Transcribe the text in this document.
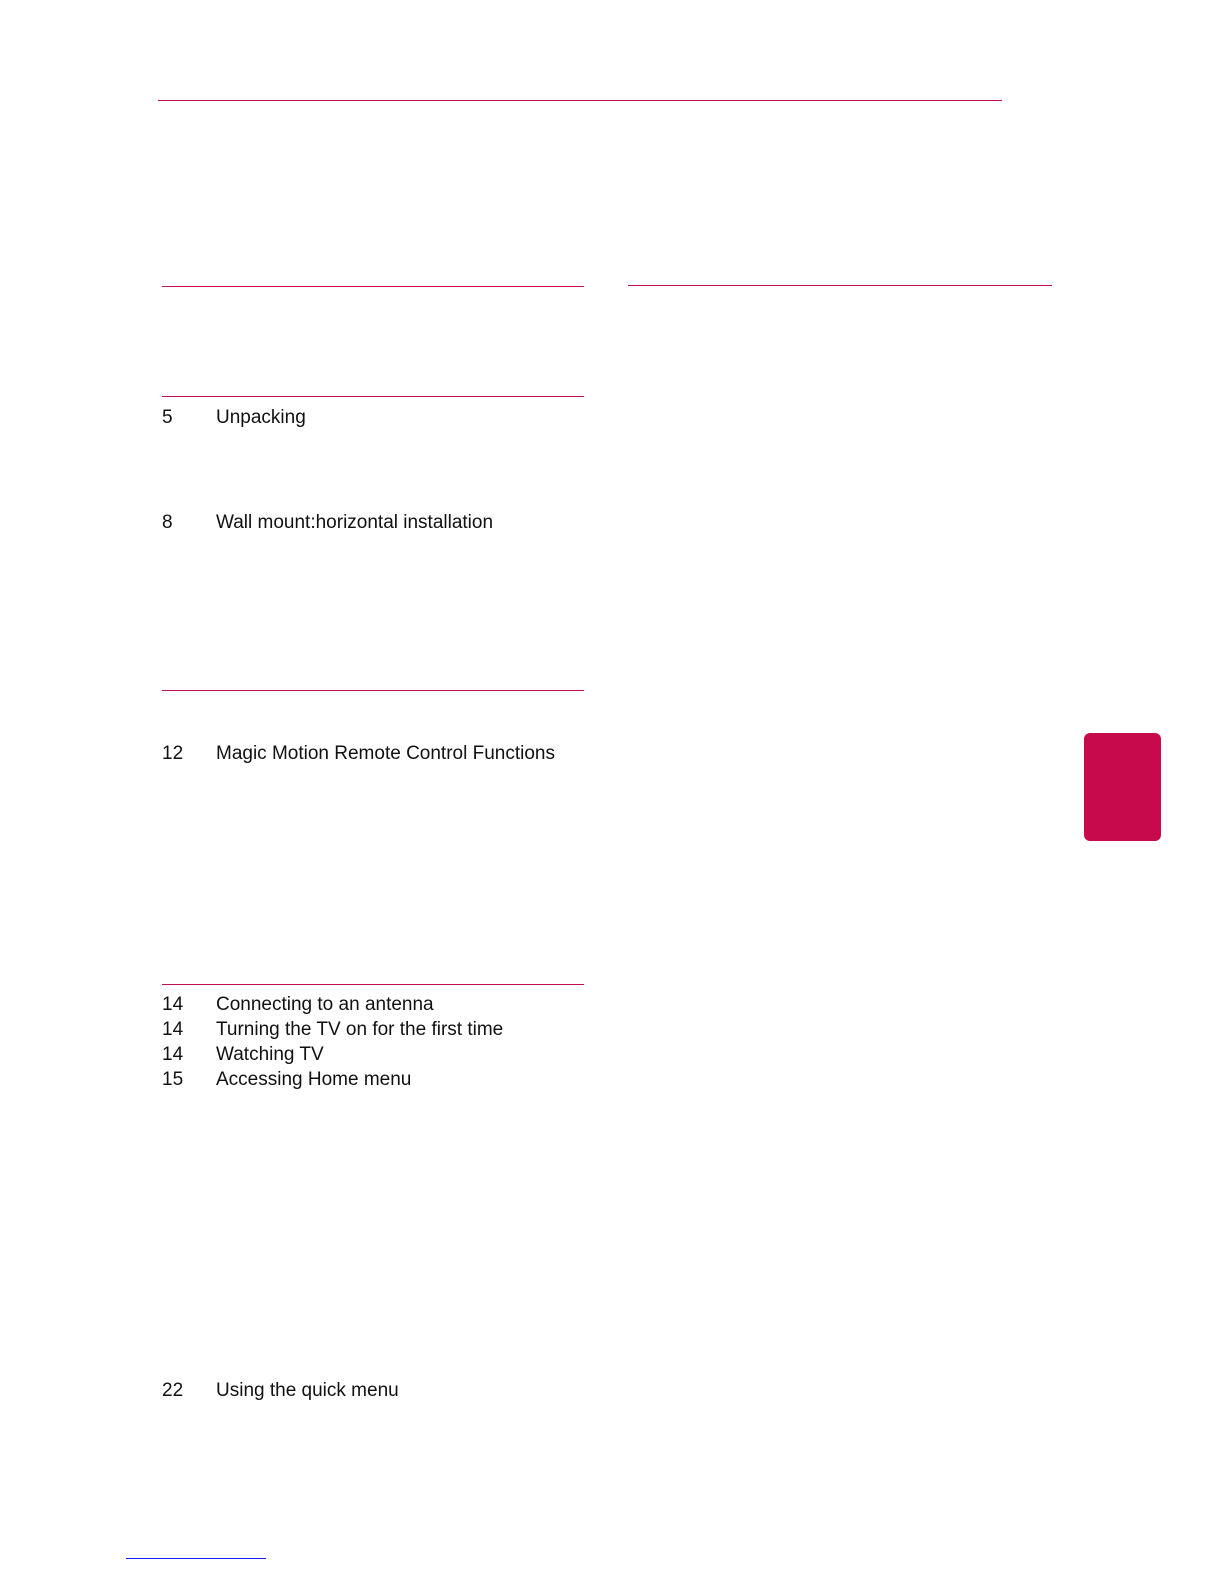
5 Unpacking
8 Wall mount:horizontal installation
12 Magic Motion Remote Control Functions
14 Connecting to an antenna
14 Turning the TV on for the first time
14 Watching TV
15 Accessing Home menu
22 Using the quick menu
